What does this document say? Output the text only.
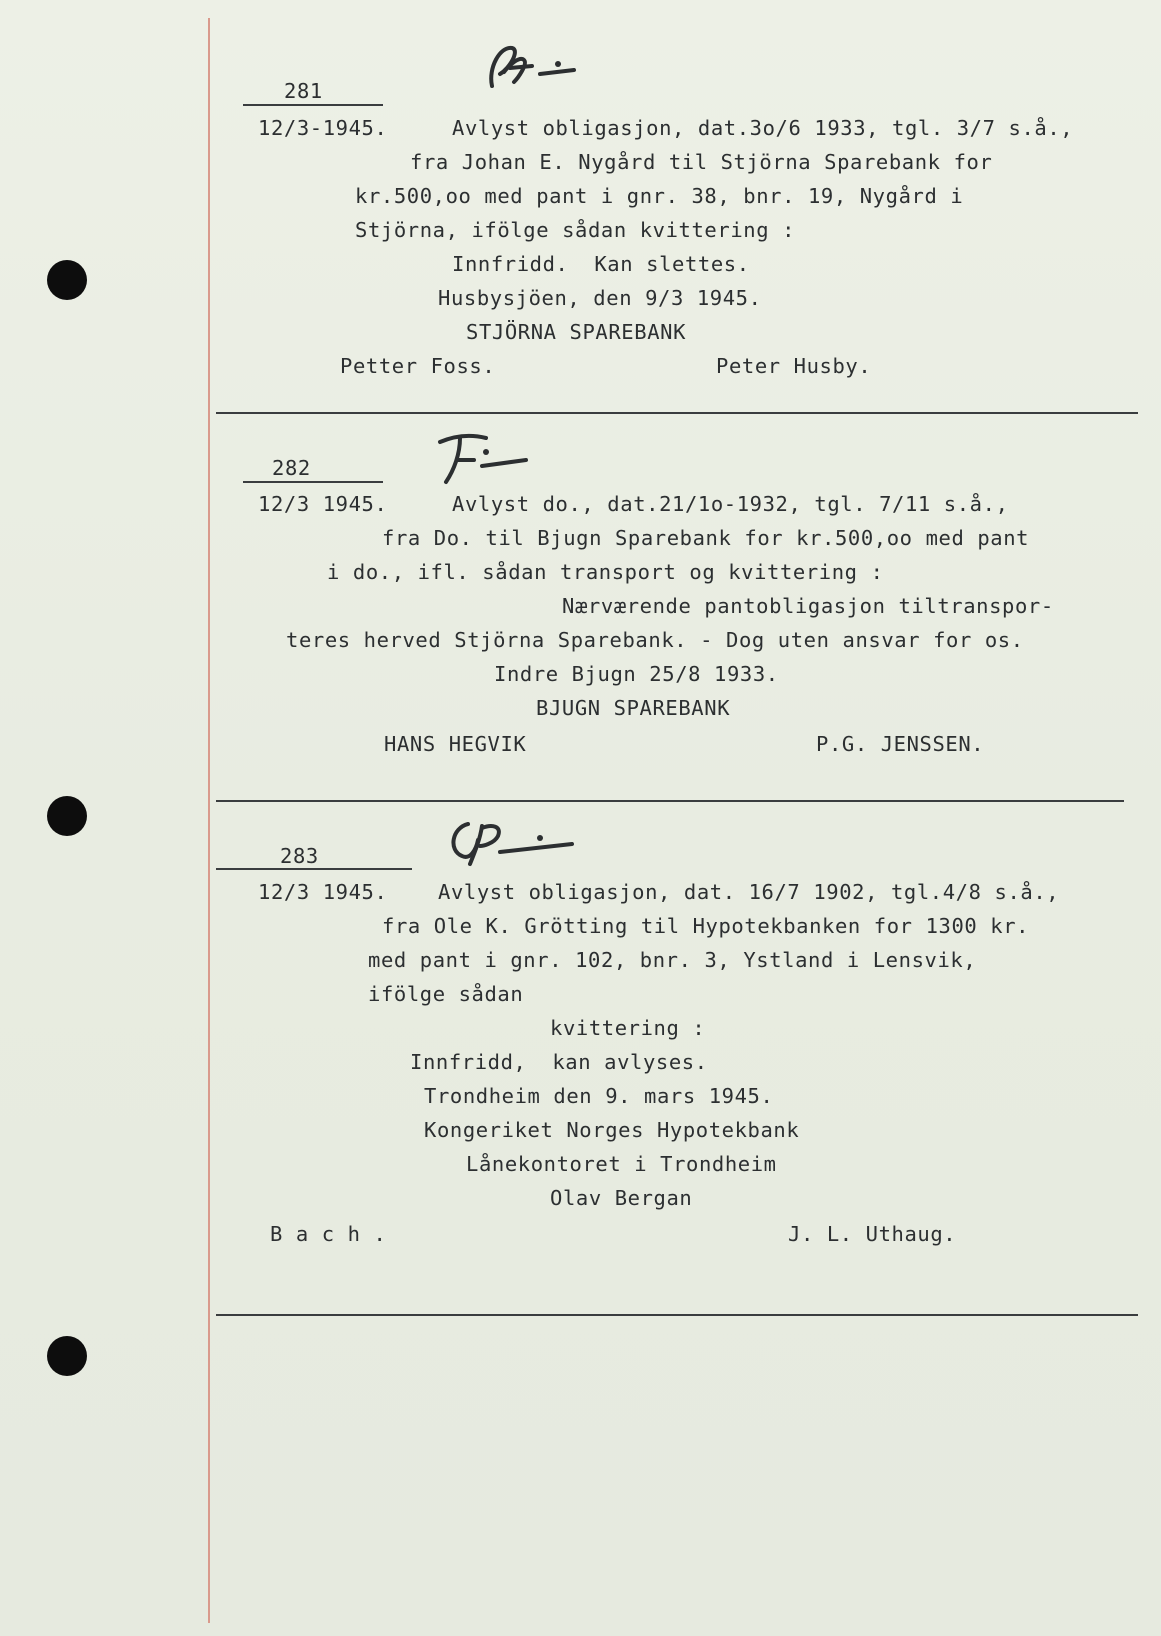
281
12/3-1945.	Avlyst obligasjon, dat.3o/6 1933, tgl. 3/7 s.å.,
fra Johan E. Nygård til Stjörna Sparebank for
kr.500,oo med pant i gnr. 38, bnr. 19, Nygård i
Stjörna, ifölge sådan kvittering :
Innfridd.  Kan slettes.
Husbysjöen, den 9/3 1945.
STJÖRNA SPAREBANK
Petter Foss.	Peter Husby.
282
12/3 1945.	Avlyst do., dat.21/1o-1932, tgl. 7/11 s.å.,
fra Do. til Bjugn Sparebank for kr.500,oo med pant
i do., ifl. sådan transport og kvittering :
Nærværende pantobligasjon tiltranspor-
teres herved Stjörna Sparebank. - Dog uten ansvar for os.
Indre Bjugn 25/8 1933.
BJUGN SPAREBANK
HANS HEGVIK	P.G. JENSSEN.
283
12/3 1945. Avlyst obligasjon, dat. 16/7 1902, tgl.4/8 s.å.,
fra Ole K. Grötting til Hypotekbanken for 1300 kr.
med pant i gnr. 102, bnr. 3, Ystland i Lensvik,
ifölge sådan
kvittering :
Innfridd,  kan avlyses.
Trondheim den 9. mars 1945.
Kongeriket Norges Hypotekbank
Lånekontoret i Trondheim
Olav Bergan
B a c h .	J. L. Uthaug.
